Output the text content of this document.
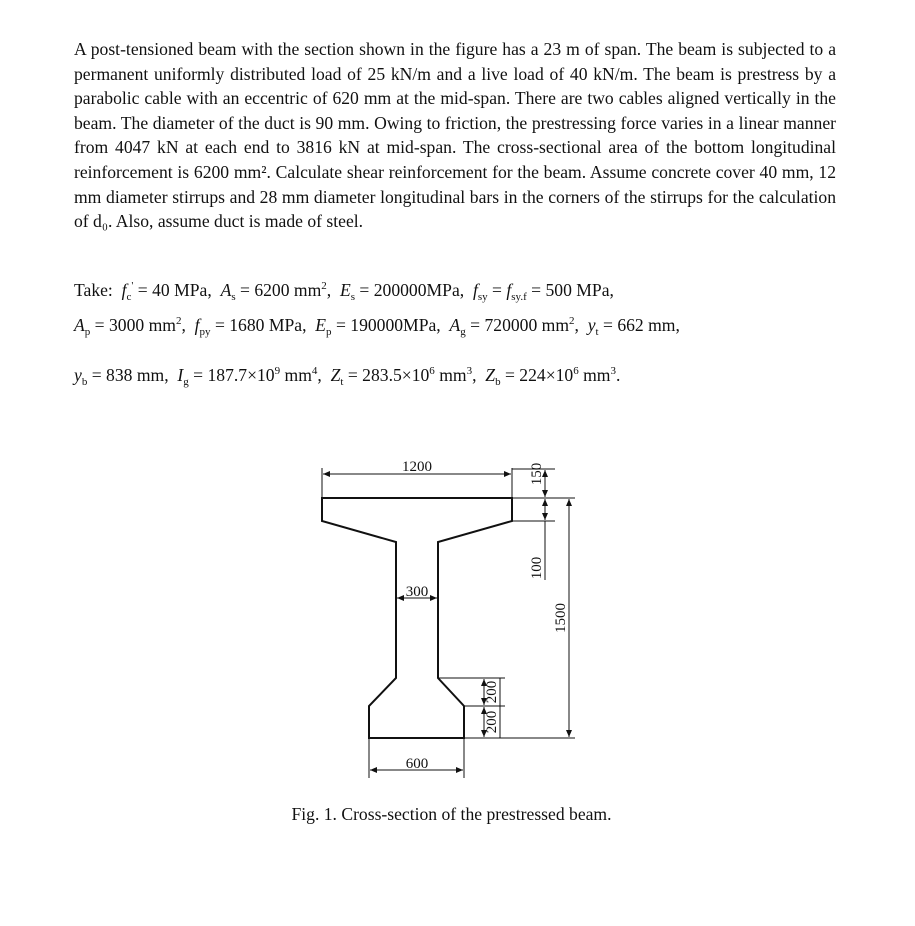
A post-tensioned beam with the section shown in the figure has a 23 m of span. The beam is subjected to a permanent uniformly distributed load of 25 kN/m and a live load of 40 kN/m. The beam is prestress by a parabolic cable with an eccentric of 620 mm at the mid-span. There are two cables aligned vertically in the beam. The diameter of the duct is 90 mm. Owing to friction, the prestressing force varies in a linear manner from 4047 kN at each end to 3816 kN at mid-span. The cross-sectional area of the bottom longitudinal reinforcement is 6200 mm². Calculate shear reinforcement for the beam. Assume concrete cover 40 mm, 12 mm diameter stirrups and 28 mm diameter longitudinal bars in the corners of the stirrups for the calculation of d₀. Also, assume duct is made of steel.
Take: $f_c' = 40$ MPa,  $A_s = 6200$ $mm^2$,  $E_s = 200000MPa$,  $f_{sy} = f_{sy.f} = 500$ MPa,
$A_p = 3000$ $mm^2$,  $f_{py} = 1680$ MPa,  $E_p = 190000MPa$,  $A_g = 720000$ $mm^2$,  $y_t = 662$ mm,
$y_b = 838$ mm,  $I_g = 187.7\times 10^9$ $mm^4$,  $Z_t = 283.5\times 10^6$ $mm^3$,  $Z_b = 224\times 10^6$ $mm^3$.
1200
300
600
150
100
1500
200
200
Fig. 1. Cross-section of the prestressed beam.
